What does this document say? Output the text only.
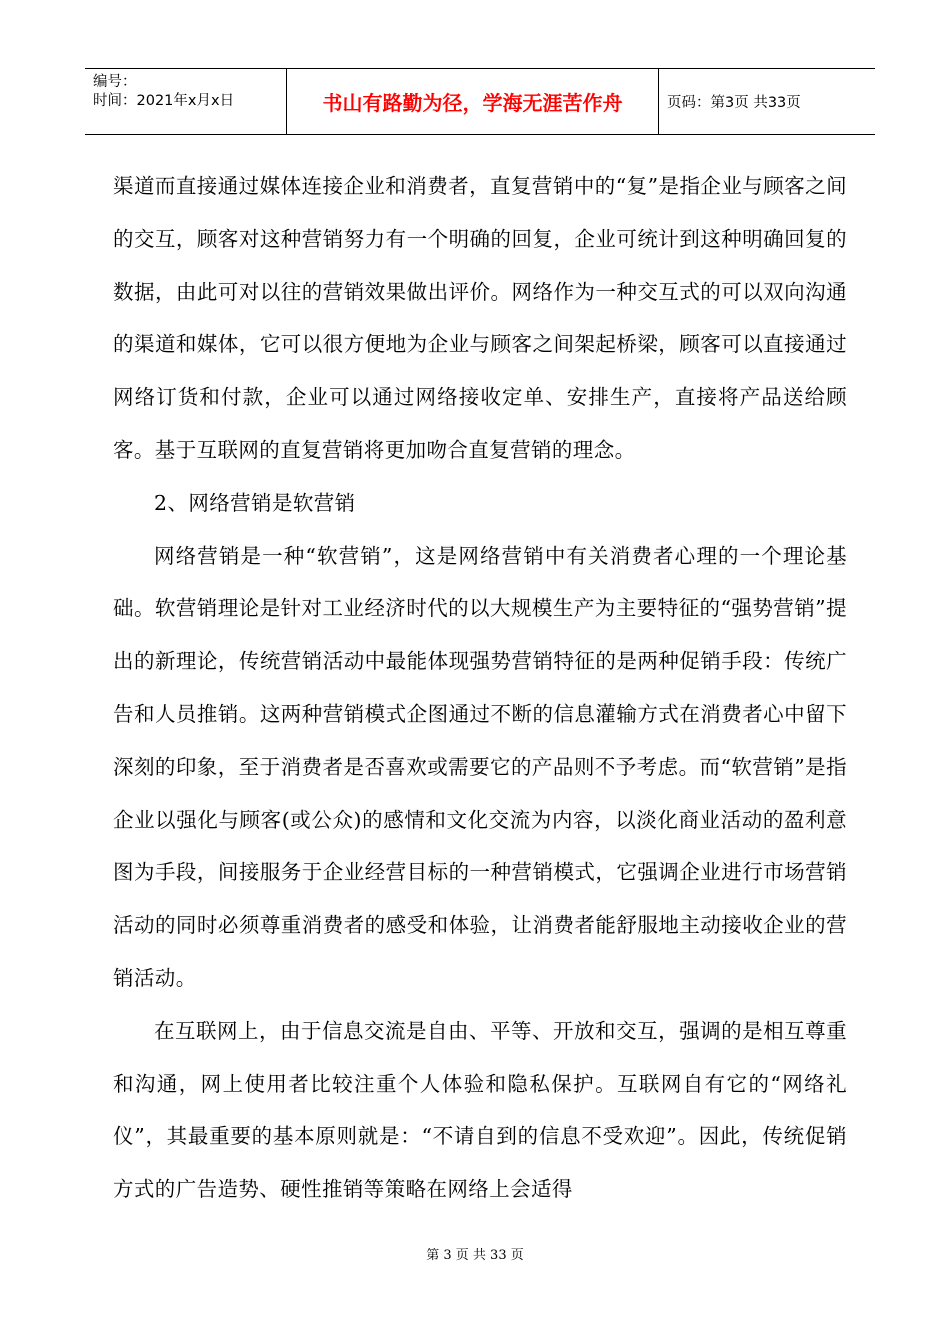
编号：
时间：2021年x月x日	书山有路勤为径，学海无涯苦作舟	页码：第3页 共33页

渠道而直接通过媒体连接企业和消费者，直复营销中的“复”是指企业与顾客之间的交互，顾客对这种营销努力有一个明确的回复，企业可统计到这种明确回复的数据，由此可对以往的营销效果做出评价。网络作为一种交互式的可以双向沟通的渠道和媒体，它可以很方便地为企业与顾客之间架起桥梁，顾客可以直接通过网络订货和付款，企业可以通过网络接收定单、安排生产，直接将产品送给顾客。基于互联网的直复营销将更加吻合直复营销的理念。

2、网络营销是软营销

网络营销是一种“软营销”，这是网络营销中有关消费者心理的一个理论基础。软营销理论是针对工业经济时代的以大规模生产为主要特征的“强势营销”提出的新理论，传统营销活动中最能体现强势营销特征的是两种促销手段：传统广告和人员推销。这两种营销模式企图通过不断的信息灌输方式在消费者心中留下深刻的印象，至于消费者是否喜欢或需要它的产品则不予考虑。而“软营销”是指企业以强化与顾客(或公众)的感情和文化交流为内容，以淡化商业活动的盈利意图为手段，间接服务于企业经营目标的一种营销模式，它强调企业进行市场营销活动的同时必须尊重消费者的感受和体验，让消费者能舒服地主动接收企业的营销活动。

在互联网上，由于信息交流是自由、平等、开放和交互，强调的是相互尊重和沟通，网上使用者比较注重个人体验和隐私保护。互联网自有它的“网络礼仪”，其最重要的基本原则就是：“不请自到的信息不受欢迎”。因此，传统促销方式的广告造势、硬性推销等策略在网络上会适得

第 3 页 共 33 页
